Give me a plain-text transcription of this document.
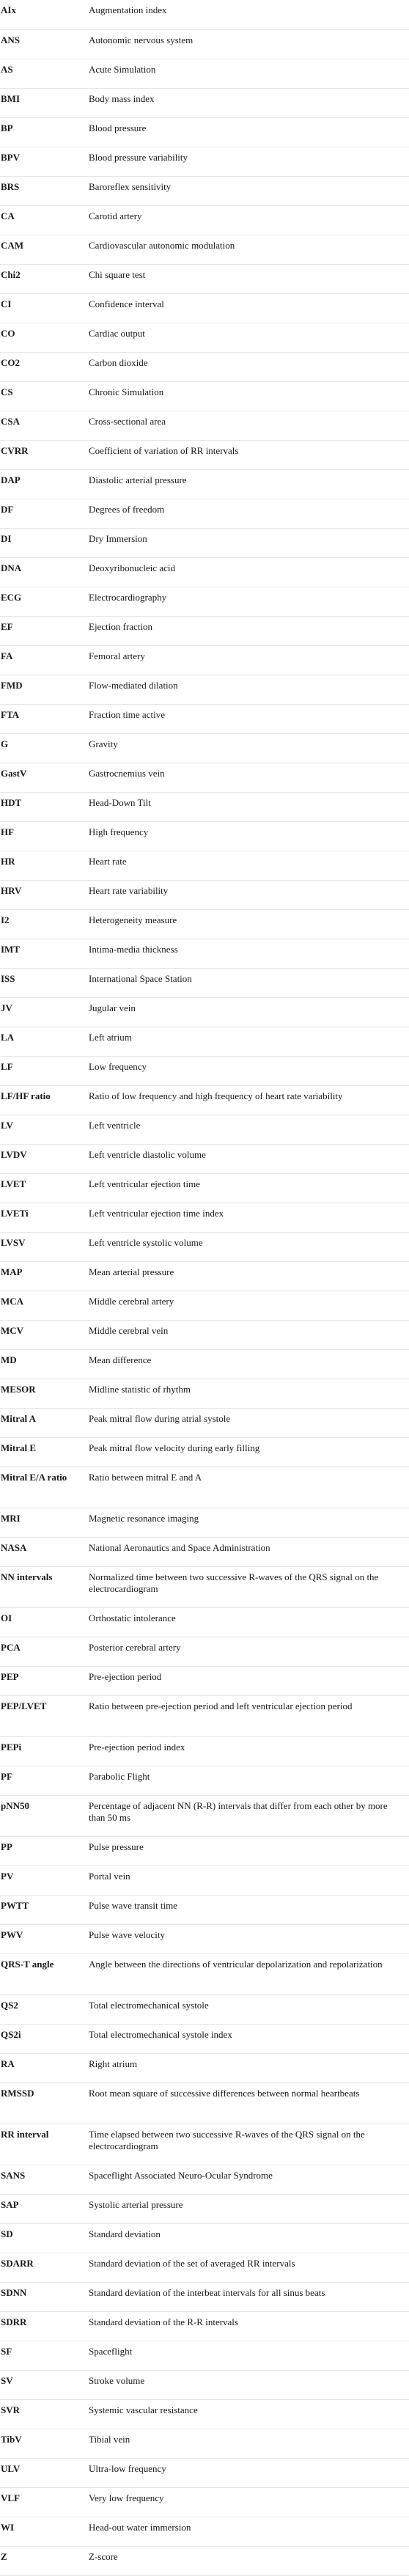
AIx	Augmentation index
ANS	Autonomic nervous system
AS	Acute Simulation
BMI	Body mass index
BP	Blood pressure
BPV	Blood pressure variability
BRS	Baroreflex sensitivity
CA	Carotid artery
CAM	Cardiovascular autonomic modulation
Chi2	Chi square test
CI	Confidence interval
CO	Cardiac output
CO2	Carbon dioxide
CS	Chronic Simulation
CSA	Cross-sectional area
CVRR	Coefficient of variation of RR intervals
DAP	Diastolic arterial pressure
DF	Degrees of freedom
DI	Dry Immersion
DNA	Deoxyribonucleic acid
ECG	Electrocardiography
EF	Ejection fraction
FA	Femoral artery
FMD	Flow-mediated dilation
FTA	Fraction time active
G	Gravity
GastV	Gastrocnemius vein
HDT	Head-Down Tilt
HF	High frequency
HR	Heart rate
HRV	Heart rate variability
I2	Heterogeneity measure
IMT	Intima-media thickness
ISS	International Space Station
JV	Jugular vein
LA	Left atrium
LF	Low frequency
LF/HF ratio	Ratio of low frequency and high frequency of heart rate variability
LV	Left ventricle
LVDV	Left ventricle diastolic volume
LVET	Left ventricular ejection time
LVETi	Left ventricular ejection time index
LVSV	Left ventricle systolic volume
MAP	Mean arterial pressure
MCA	Middle cerebral artery
MCV	Middle cerebral vein
MD	Mean difference
MESOR	Midline statistic of rhythm
Mitral A	Peak mitral flow during atrial systole
Mitral E	Peak mitral flow velocity during early filling
Mitral E/A ratio	Ratio between mitral E and A
MRI	Magnetic resonance imaging
NASA	National Aeronautics and Space Administration
NN intervals	Normalized time between two successive R-waves of the QRS signal on the electrocardiogram
OI	Orthostatic intolerance
PCA	Posterior cerebral artery
PEP	Pre-ejection period
PEP/LVET	Ratio between pre-ejection period and left ventricular ejection period
PEPi	Pre-ejection period index
PF	Parabolic Flight
pNN50	Percentage of adjacent NN (R-R) intervals that differ from each other by more than 50 ms
PP	Pulse pressure
PV	Portal vein
PWTT	Pulse wave transit time
PWV	Pulse wave velocity
QRS-T angle	Angle between the directions of ventricular depolarization and repolarization
QS2	Total electromechanical systole
QS2i	Total electromechanical systole index
RA	Right atrium
RMSSD	Root mean square of successive differences between normal heartbeats
RR interval	Time elapsed between two successive R-waves of the QRS signal on the electrocardiogram
SANS	Spaceflight Associated Neuro-Ocular Syndrome
SAP	Systolic arterial pressure
SD	Standard deviation
SDARR	Standard deviation of the set of averaged RR intervals
SDNN	Standard deviation of the interbeat intervals for all sinus beats
SDRR	Standard deviation of the R-R intervals
SF	Spaceflight
SV	Stroke volume
SVR	Systemic vascular resistance
TibV	Tibial vein
ULV	Ultra-low frequency
VLF	Very low frequency
WI	Head-out water immersion
Z	Z-score
